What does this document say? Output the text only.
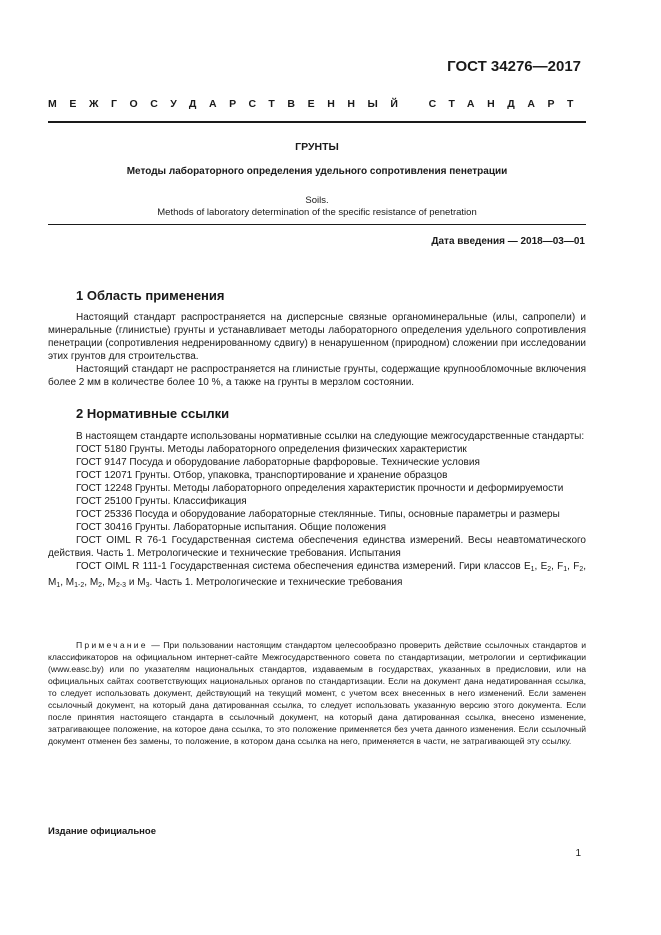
ГОСТ 34276—2017
МЕЖГОСУДАРСТВЕННЫЙ СТАНДАРТ
ГРУНТЫ
Методы лабораторного определения удельного сопротивления пенетрации
Soils.
Methods of laboratory determination of the specific resistance of penetration
Дата введения — 2018—03—01
1 Область применения

Настоящий стандарт распространяется на дисперсные связные органоминеральные (илы, сапропели) и минеральные (глинистые) грунты и устанавливает методы лабораторного определения удельного сопротивления пенетрации (сопротивления недренированному сдвигу) в ненарушенном (природном) сложении при исследовании этих грунтов для строительства.

Настоящий стандарт не распространяется на глинистые грунты, содержащие крупнообломочные включения более 2 мм в количестве более 10 %, а также на грунты в мерзлом состоянии.

2 Нормативные ссылки

В настоящем стандарте использованы нормативные ссылки на следующие межгосударственные стандарты:

ГОСТ 5180 Грунты. Методы лабораторного определения физических характеристик

ГОСТ 9147 Посуда и оборудование лабораторные фарфоровые. Технические условия

ГОСТ 12071 Грунты. Отбор, упаковка, транспортирование и хранение образцов

ГОСТ 12248 Грунты. Методы лабораторного определения характеристик прочности и деформируемости

ГОСТ 25100 Грунты. Классификация

ГОСТ 25336 Посуда и оборудование лабораторные стеклянные. Типы, основные параметры и размеры

ГОСТ 30416 Грунты. Лабораторные испытания. Общие положения

ГОСТ OIML R 76-1 Государственная система обеспечения единства измерений. Весы неавтоматического действия. Часть 1. Метрологические и технические требования. Испытания

ГОСТ OIML R 111-1 Государственная система обеспечения единства измерений. Гири классов $E_1$, $E_2$, $F_1$, $F_2$, $M_1$, $M_{1-2}$, $M_2$, $M_{2-3}$ и $M_3$. Часть 1. Метрологические и технические требования

Примечание — При пользовании настоящим стандартом целесообразно проверить действие ссылочных стандартов и классификаторов на официальном интернет-сайте Межгосударственного совета по стандартизации, метрологии и сертификации (www.easc.by) или по указателям национальных стандартов, издаваемым в государствах, указанных в предисловии, или на официальных сайтах соответствующих национальных органов по стандартизации. Если на документ дана недатированная ссылка, то следует использовать документ, действующий на текущий момент, с учетом всех внесенных в него изменений. Если заменен ссылочный документ, на который дана датированная ссылка, то следует использовать указанную версию этого документа. Если после принятия настоящего стандарта в ссылочный документ, на который дана датированная ссылка, внесено изменение, затрагивающее положение, на которое дана ссылка, то это положение применяется без учета данного изменения. Если ссылочный документ отменен без замены, то положение, в котором дана ссылка на него, применяется в части, не затрагивающей эту ссылку.

Издание официальное
1
